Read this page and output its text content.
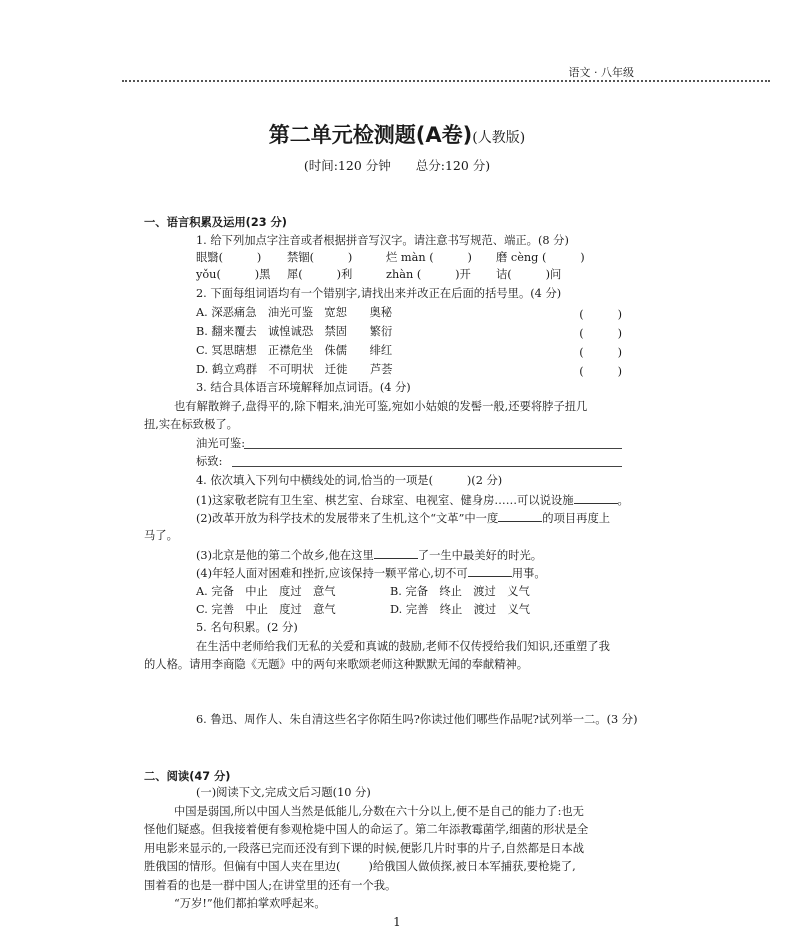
语文 · 八年级
第二单元检测题(A卷)(人教版)
(时间:120 分钟　　总分:120 分)
一、语言积累及运用(23 分)
1. 给下列加点字注音或者根据拼音写汉字。请注意书写规范、端正。(8 分)
眼翳(　　　) 禁锢(　　　)	烂 màn (　　　) 磨 cèng (　　　)
yǒu(　　　)黑 犀(　　　)利	zhàn (　　　)开 诘(　　　)问
2. 下面每组词语均有一个错别字,请找出来并改正在后面的括号里。(4 分)
A. 深恶痛急　油光可鉴　宽恕　　奥秘	(　　　)
B. 翻来覆去　诚惶诚恐　禁固　　繁衍	(　　　)
C. 冥思瞎想　正襟危坐　侏儒　　绯红	(　　　)
D. 鹤立鸡群　不可明状　迁徙　　芦荟	(　　　)
3. 结合具体语言环境解释加点词语。(4 分)
也有解散辫子,盘得平的,除下帽来,油光可鉴,宛如小姑娘的发髻一般,还要将脖子扭几
扭,实在标致极了。
油光可鉴:
标致:
4. 依次填入下列句中横线处的词,恰当的一项是(　　　)(2 分)
(1)这家敬老院有卫生室、棋艺室、台球室、电视室、健身房……可以说设施	。
(2)改革开放为科学技术的发展带来了生机,这个“文革”中一度	的项目再度上
马了。
(3)北京是他的第二个故乡,他在这里	了一生中最美好的时光。
(4)年轻人面对困难和挫折,应该保持一颗平常心,切不可	用事。
A. 完备　中止　度过　意气	B. 完备　终止　渡过　义气
C. 完善　中止　度过　意气	D. 完善　终止　渡过　义气
5. 名句积累。(2 分)
在生活中老师给我们无私的关爱和真诚的鼓励,老师不仅传授给我们知识,还重塑了我
的人格。请用李商隐《无题》中的两句来歌颂老师这种默默无闻的奉献精神。
6. 鲁迅、周作人、朱自清这些名字你陌生吗?你读过他们哪些作品呢?试列举一二。(3 分)
二、阅读(47 分)
(一)阅读下文,完成文后习题(10 分)
中国是弱国,所以中国人当然是低能儿,分数在六十分以上,便不是自己的能力了:也无
怪他们疑惑。但我接着便有参观枪毙中国人的命运了。第二年添教霉菌学,细菌的形状是全
用电影来显示的,一段落已完而还没有到下课的时候,便影几片时事的片子,自然都是日本战
胜俄国的情形。但偏有中国人夹在里边( )给俄国人做侦探,被日本军捕获,要枪毙了,
围着看的也是一群中国人;在讲堂里的还有一个我。
“万岁!”他们都拍掌欢呼起来。
1
